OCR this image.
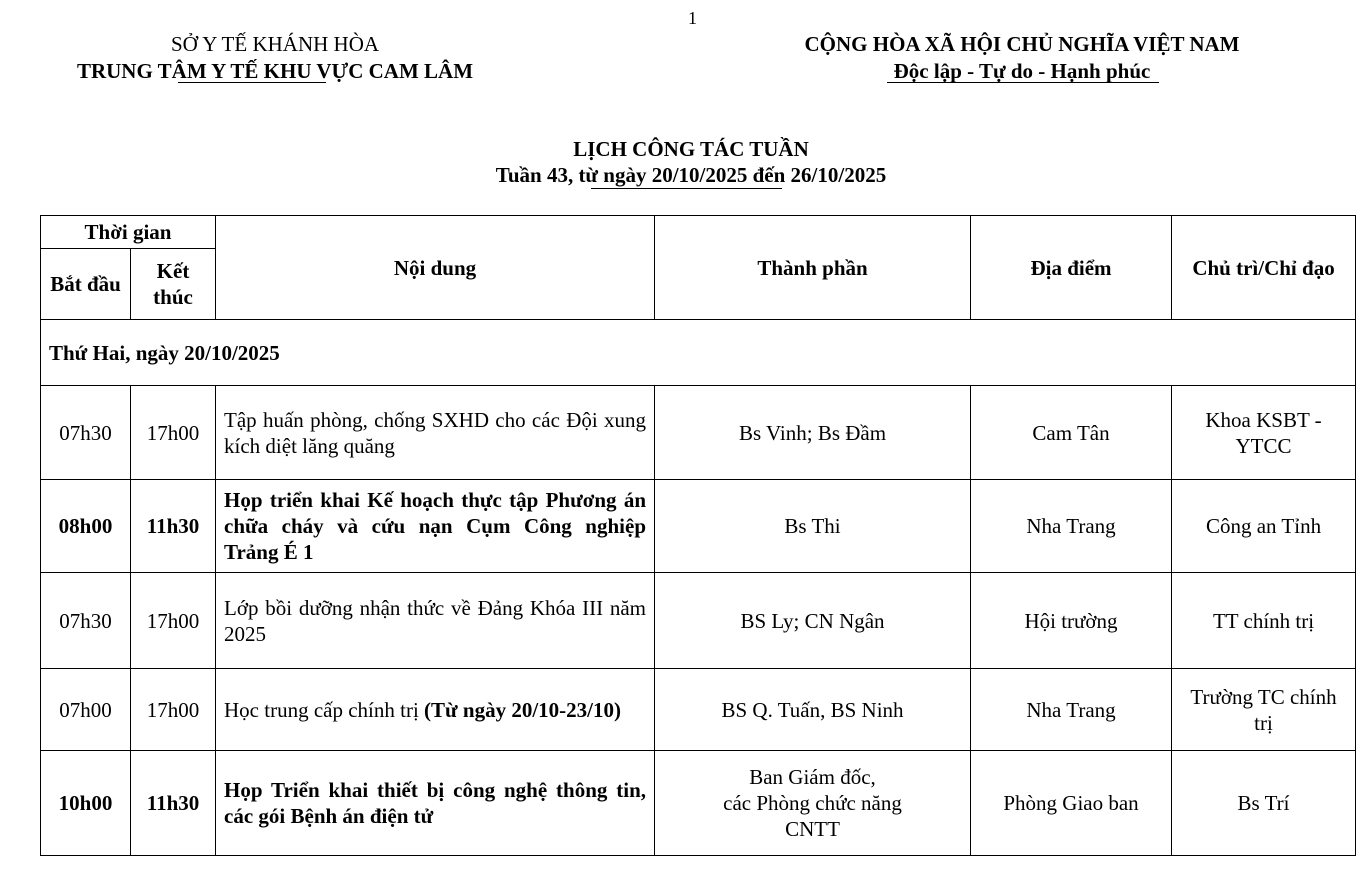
1
SỞ Y TẾ KHÁNH HÒA
TRUNG TÂM Y TẾ KHU VỰC CAM LÂM
CỘNG HÒA XÃ HỘI CHỦ NGHĨA VIỆT NAM
Độc lập - Tự do - Hạnh phúc
LỊCH CÔNG TÁC TUẦN
Tuần 43, từ ngày 20/10/2025 đến 26/10/2025
Thời gian		Nội dung	Thành phần	Địa điểm	Chủ trì/Chỉ đạo
Bắt đầu	Kết thúc				
Thứ Hai, ngày 20/10/2025					
07h30	17h00	Tập huấn phòng, chống SXHD cho các Đội xung kích diệt lăng quăng	Bs Vinh; Bs Đầm	Cam Tân	Khoa KSBT - YTCC
08h00	11h30	Họp triển khai Kế hoạch thực tập Phương án chữa cháy và cứu nạn Cụm Công nghiệp Trảng É 1	Bs Thi	Nha Trang	Công an Tỉnh
07h30	17h00	Lớp bồi dưỡng nhận thức về Đảng Khóa III năm 2025	BS Ly; CN Ngân	Hội trường	TT chính trị
07h00	17h00	Học trung cấp chính trị (Từ ngày 20/10-23/10)	BS Q. Tuấn, BS Ninh	Nha Trang	Trường TC chính trị
10h00	11h30	Họp Triển khai thiết bị công nghệ thông tin, các gói Bệnh án điện tử	Ban Giám đốc,
các Phòng chức năng
CNTT	Phòng Giao ban	Bs Trí
